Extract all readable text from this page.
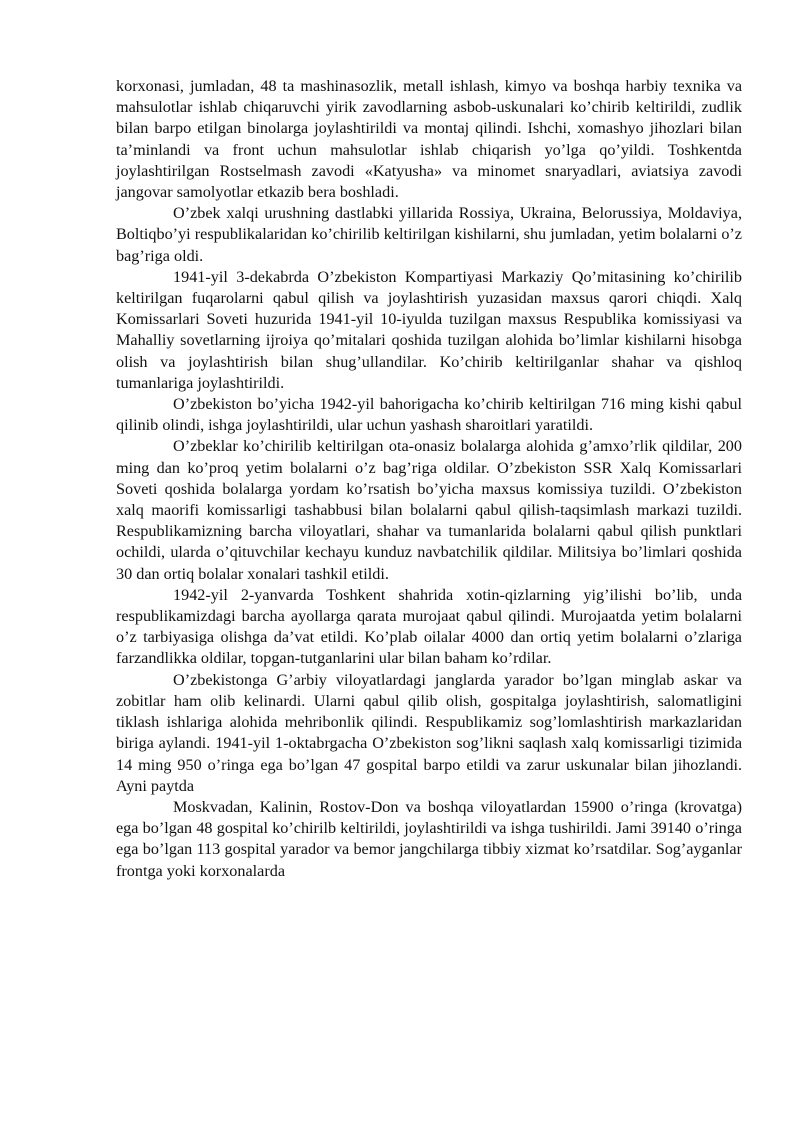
korxonasi, jumladan, 48 ta mashinasozlik, metall ishlash, kimyo va boshqa harbiy texnika va mahsulotlar ishlab chiqaruvchi yirik zavodlarning asbob-uskunalari ko’chirib keltirildi, zudlik bilan barpo etilgan binolarga joylashtirildi va montaj qilindi. Ishchi, xomashyo jihozlari bilan ta’minlandi va front uchun mahsulotlar ishlab chiqarish yo’lga qo’yildi. Toshkentda joylashtirilgan Rostselmash zavodi «Katyusha» va minomet snaryadlari, aviatsiya zavodi jangovar samolyotlar etkazib bera boshladi.

O’zbek xalqi urushning dastlabki yillarida Rossiya, Ukraina, Belorussiya, Moldaviya, Boltiqbo’yi respublikalaridan ko’chirilib keltirilgan kishilarni, shu jumladan, yetim bolalarni o’z bag’riga oldi.

1941-yil 3-dekabrda O’zbekiston Kompartiyasi Markaziy Qo’mitasining ko’chirilib keltirilgan fuqarolarni qabul qilish va joylashtirish yuzasidan maxsus qarori chiqdi. Xalq Komissarlari Soveti huzurida 1941-yil 10-iyulda tuzilgan maxsus Respublika komissiyasi va Mahalliy sovetlarning ijroiya qo’mitalari qoshida tuzilgan alohida bo’limlar kishilarni hisobga olish va joylashtirish bilan shug’ullandilar. Ko’chirib keltirilganlar shahar va qishloq tumanlariga joylashtirildi.

O’zbekiston bo’yicha 1942-yil bahorigacha ko’chirib keltirilgan 716 ming kishi qabul qilinib olindi, ishga joylashtirildi, ular uchun yashash sharoitlari yaratildi.

O’zbeklar ko’chirilib keltirilgan ota-onasiz bolalarga alohida g’amxo’rlik qildilar, 200 ming dan ko’proq yetim bolalarni o’z bag’riga oldilar. O’zbekiston SSR Xalq Komissarlari Soveti qoshida bolalarga yordam ko’rsatish bo’yicha maxsus komissiya tuzildi. O’zbekiston xalq maorifi komissarligi tashabbusi bilan bolalarni qabul qilish-taqsimlash markazi tuzildi. Respublikamizning barcha viloyatlari, shahar va tumanlarida bolalarni qabul qilish punktlari ochildi, ularda o’qituvchilar kechayu kunduz navbatchilik qildilar. Militsiya bo’limlari qoshida 30 dan ortiq bolalar xonalari tashkil etildi.

1942-yil 2-yanvarda Toshkent shahrida xotin-qizlarning yig’ilishi bo’lib, unda respublikamizdagi barcha ayollarga qarata murojaat qabul qilindi. Murojaatda yetim bolalarni o’z tarbiyasiga olishga da’vat etildi. Ko’plab oilalar 4000 dan ortiq yetim bolalarni o’zlariga farzandlikka oldilar, topgan-tutganlarini ular bilan baham ko’rdilar.

O’zbekistonga G’arbiy viloyatlardagi janglarda yarador bo’lgan minglab askar va zobitlar ham olib kelinardi. Ularni qabul qilib olish, gospitalga joylashtirish, salomatligini tiklash ishlariga alohida mehribonlik qilindi. Respublikamiz sog’lomlashtirish markazlaridan biriga aylandi. 1941-yil 1-oktabrgacha O’zbekiston sog’likni saqlash xalq komissarligi tizimida 14 ming 950 o’ringa ega bo’lgan 47 gospital barpo etildi va zarur uskunalar bilan jihozlandi. Ayni paytda

Moskvadan, Kalinin, Rostov-Don va boshqa viloyatlardan 15900 o’ringa (krovatga) ega bo’lgan 48 gospital ko’chirilb keltirildi, joylashtirildi va ishga tushirildi. Jami 39140 o’ringa ega bo’lgan 113 gospital yarador va bemor jangchilarga tibbiy xizmat ko’rsatdilar. Sog’ayganlar frontga yoki korxonalarda
